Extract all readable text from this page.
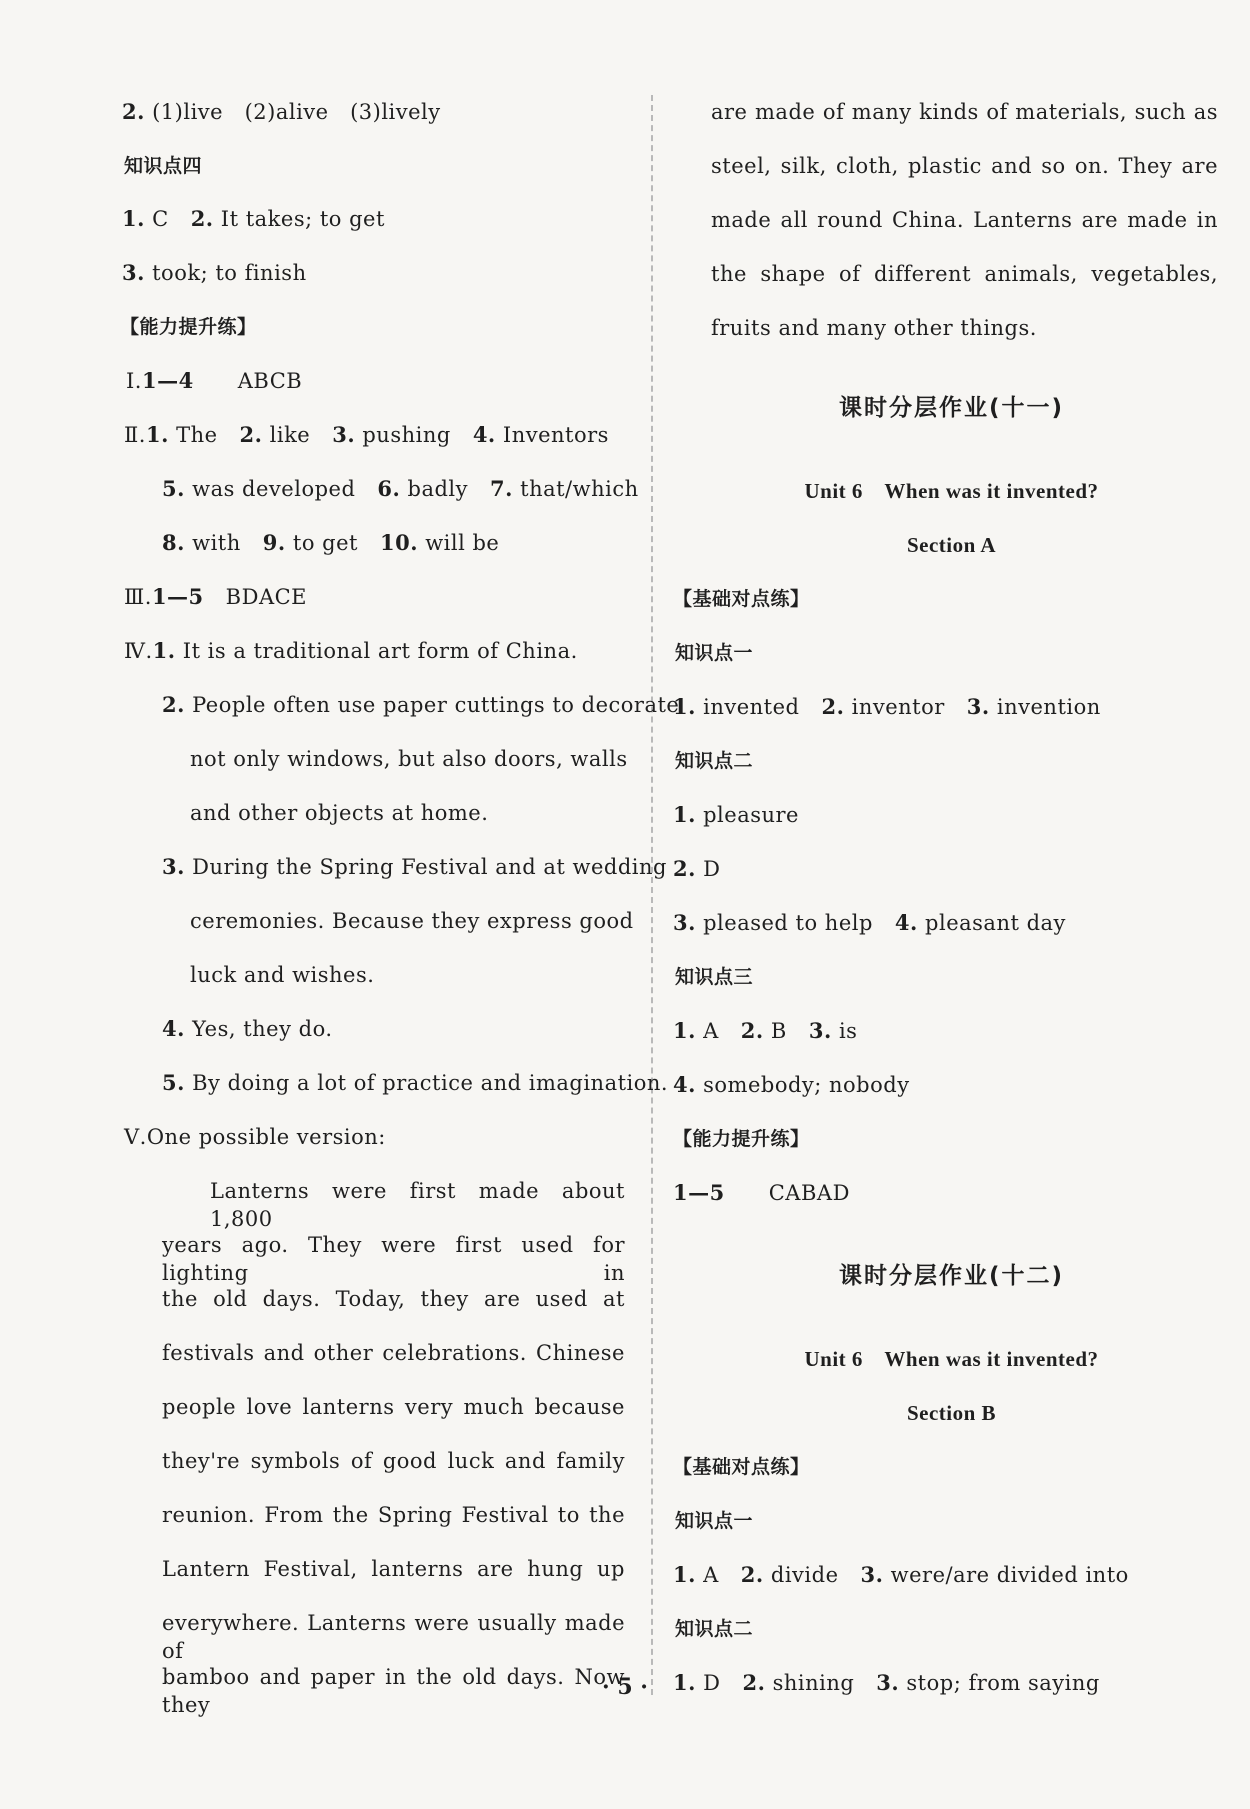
2. (1)live (2)alive (3)lively
知识点四
1. C 2. It takes; to get
3. took; to finish
【能力提升练】
Ⅰ.1—4 ABCB
Ⅱ.1. The 2. like 3. pushing 4. Inventors
5. was developed 6. badly 7. that/which
8. with 9. to get 10. will be
Ⅲ.1—5 BDACE
Ⅳ.1. It is a traditional art form of China.
2. People often use paper cuttings to decorate
not only windows, but also doors, walls
and other objects at home.
3. During the Spring Festival and at wedding
ceremonies. Because they express good
luck and wishes.
4. Yes, they do.
5. By doing a lot of practice and imagination.
Ⅴ.One possible version:
Lanterns were first made about 1,800
years ago. They were first used for lighting in
the old days. Today, they are used at
festivals and other celebrations. Chinese
people love lanterns very much because
they're symbols of good luck and family
reunion. From the Spring Festival to the
Lantern Festival, lanterns are hung up
everywhere. Lanterns were usually made of
bamboo and paper in the old days. Now they
are made of many kinds of materials, such as
steel, silk, cloth, plastic and so on. They are
made all round China. Lanterns are made in
the shape of different animals, vegetables,
fruits and many other things.
课时分层作业(十一)
Unit 6 When was it invented?
Section A
【基础对点练】
知识点一
1. invented 2. inventor 3. invention
知识点二
1. pleasure
2. D
3. pleased to help 4. pleasant day
知识点三
1. A 2. B 3. is
4. somebody; nobody
【能力提升练】
1—5 CABAD
课时分层作业(十二)
Unit 6 When was it invented?
Section B
【基础对点练】
知识点一
1. A 2. divide 3. were/are divided into
知识点二
1. D 2. shining 3. stop; from saying
· 5 ·
